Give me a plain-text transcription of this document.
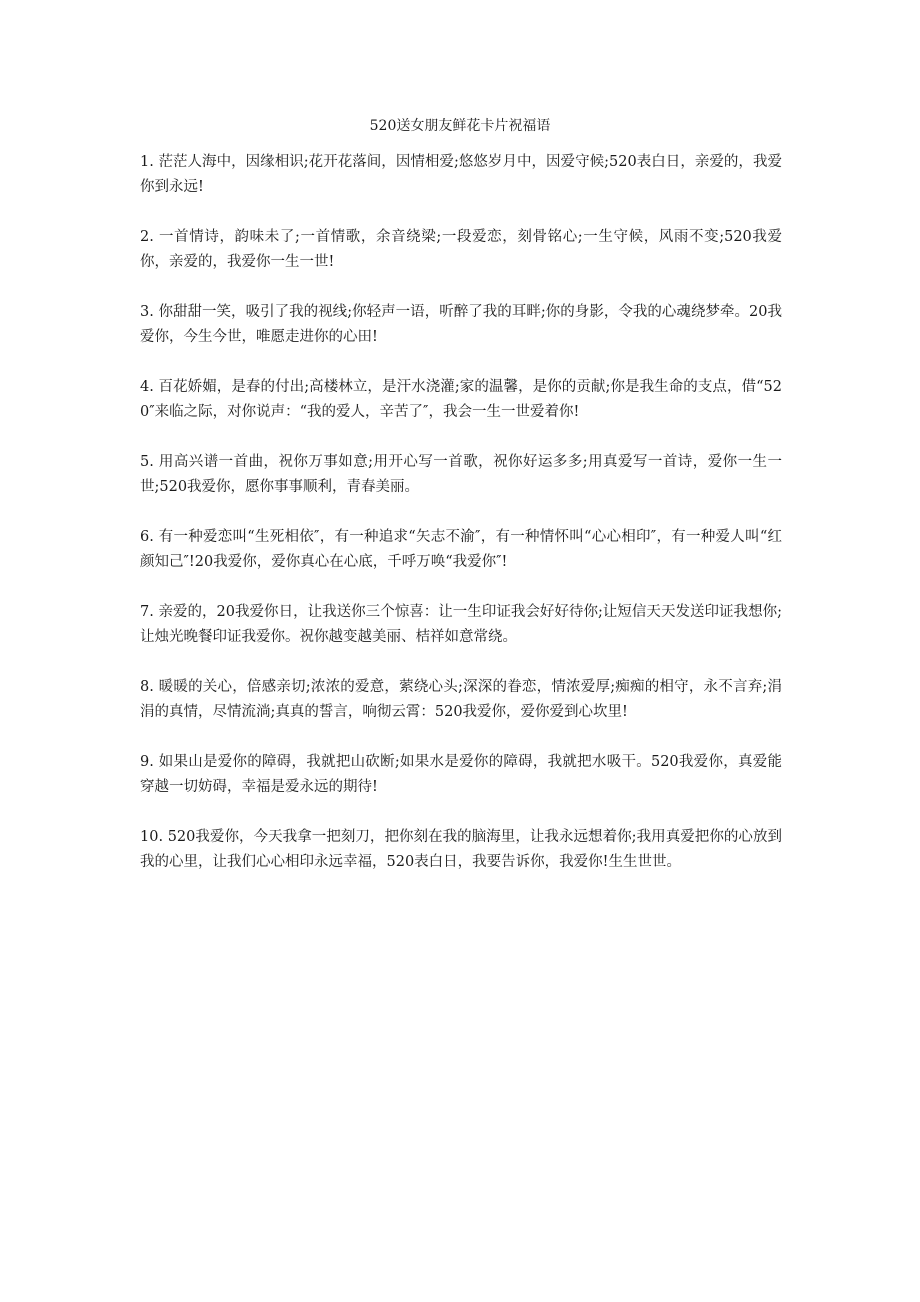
520送女朋友鲜花卡片祝福语

1. 茫茫人海中，因缘相识;花开花落间，因情相爱;悠悠岁月中，因爱守候;520表白日，亲爱的，我爱你到永远!

2. 一首情诗，韵味未了;一首情歌，余音绕梁;一段爱恋，刻骨铭心;一生守候，风雨不变;520我爱你，亲爱的，我爱你一生一世!

3. 你甜甜一笑，吸引了我的视线;你轻声一语，听醉了我的耳畔;你的身影，令我的心魂绕梦牵。20我爱你，今生今世，唯愿走进你的心田!

4. 百花娇媚，是春的付出;高楼林立，是汗水浇灌;家的温馨，是你的贡献;你是我生命的支点，借“520″来临之际，对你说声：“我的爱人，辛苦了″，我会一生一世爱着你!

5. 用高兴谱一首曲，祝你万事如意;用开心写一首歌，祝你好运多多;用真爱写一首诗，爱你一生一世;520我爱你，愿你事事顺利，青春美丽。

6. 有一种爱恋叫“生死相依″，有一种追求“矢志不渝″，有一种情怀叫“心心相印″，有一种爱人叫“红颜知己″!20我爱你，爱你真心在心底，千呼万唤“我爱你″!

7. 亲爱的，20我爱你日，让我送你三个惊喜：让一生印证我会好好待你;让短信天天发送印证我想你;让烛光晚餐印证我爱你。祝你越变越美丽、桔祥如意常绕。

8. 暖暖的关心，倍感亲切;浓浓的爱意，萦绕心头;深深的眷恋，情浓爱厚;痴痴的相守，永不言弃;涓涓的真情，尽情流淌;真真的誓言，响彻云霄：520我爱你，爱你爱到心坎里!

9. 如果山是爱你的障碍，我就把山砍断;如果水是爱你的障碍，我就把水吸干。520我爱你，真爱能穿越一切妨碍，幸福是爱永远的期待!

10. 520我爱你，今天我拿一把刻刀，把你刻在我的脑海里，让我永远想着你;我用真爱把你的心放到我的心里，让我们心心相印永远幸福，520表白日，我要告诉你，我爱你!生生世世。
